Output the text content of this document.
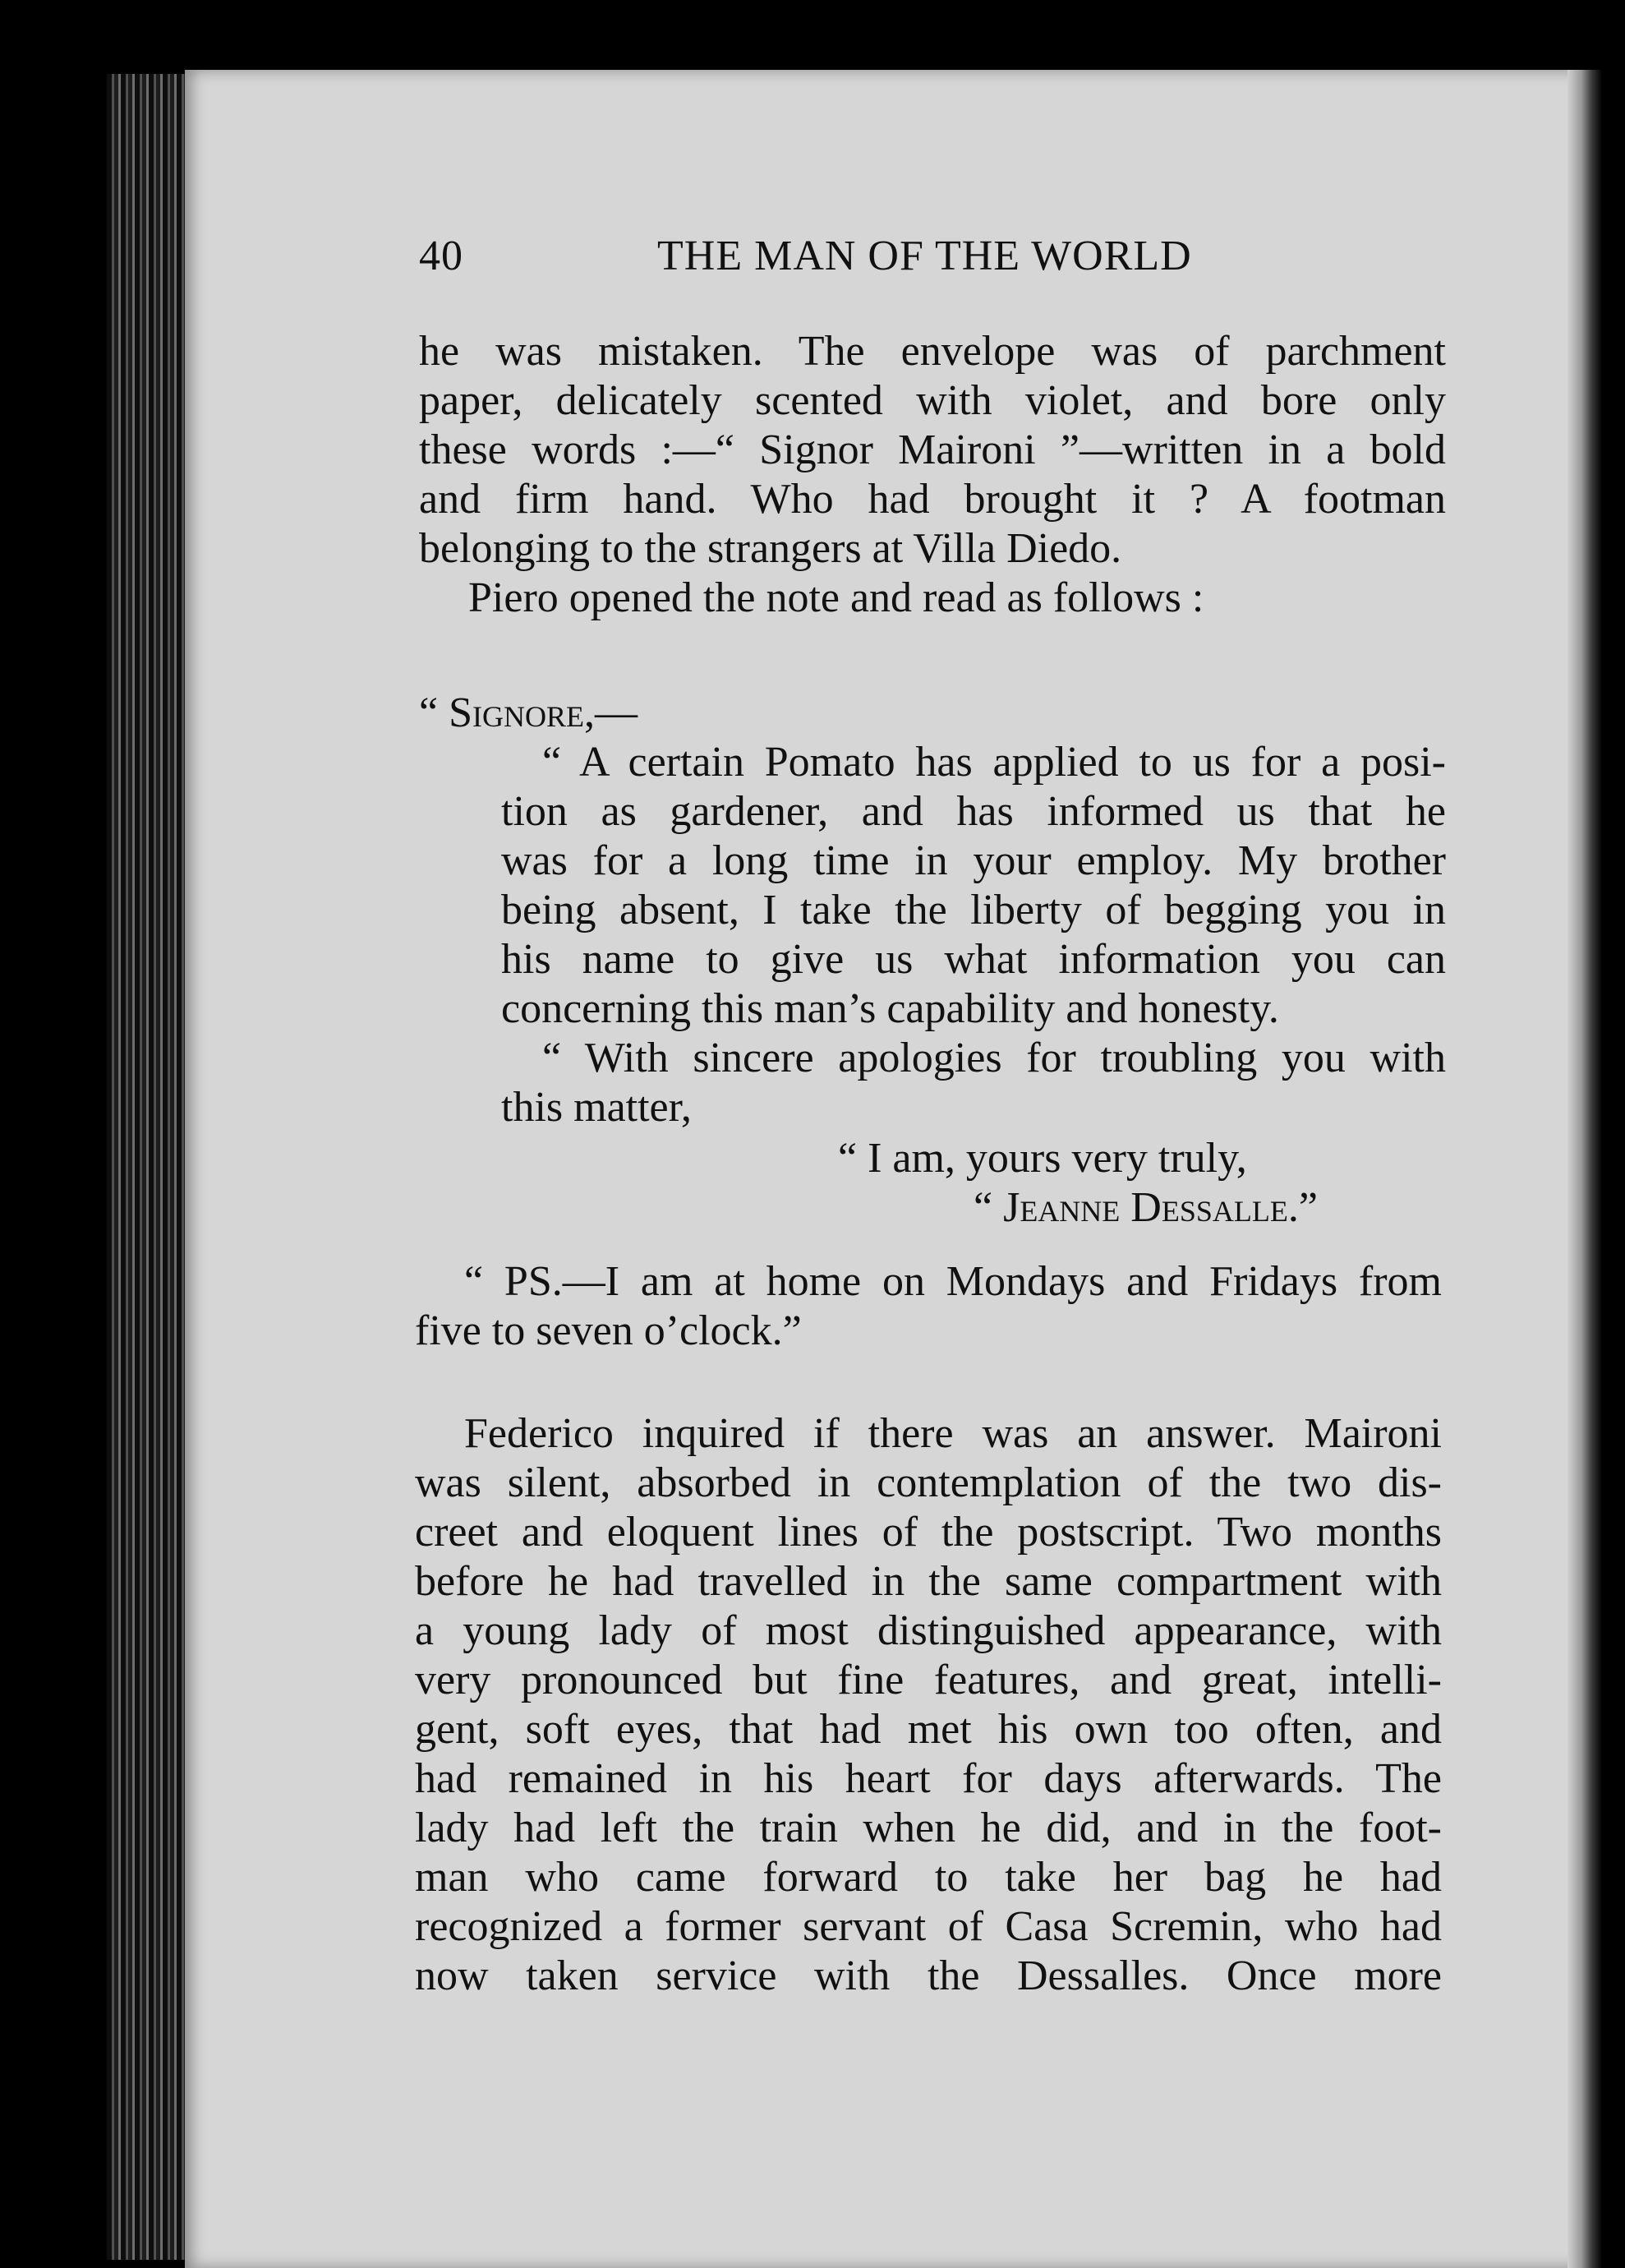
40	THE MAN OF THE WORLD
he was mistaken. The envelope was of parchment
paper, delicately scented with violet, and bore only
these words :—“ Signor Maironi ”—written in a bold
and firm hand. Who had brought it ? A footman
belonging to the strangers at Villa Diedo.
Piero opened the note and read as follows :
“ Signore,—
“ A certain Pomato has applied to us for a posi-
tion as gardener, and has informed us that he
was for a long time in your employ. My brother
being absent, I take the liberty of begging you in
his name to give us what information you can
concerning this man’s capability and honesty.
“ With sincere apologies for troubling you with
this matter,
“ I am, yours very truly,
“ Jeanne Dessalle.”
“ PS.—I am at home on Mondays and Fridays from
five to seven o’clock.”
Federico inquired if there was an answer. Maironi
was silent, absorbed in contemplation of the two dis-
creet and eloquent lines of the postscript. Two months
before he had travelled in the same compartment with
a young lady of most distinguished appearance, with
very pronounced but fine features, and great, intelli-
gent, soft eyes, that had met his own too often, and
had remained in his heart for days afterwards. The
lady had left the train when he did, and in the foot-
man who came forward to take her bag he had
recognized a former servant of Casa Scremin, who had
now taken service with the Dessalles. Once more
